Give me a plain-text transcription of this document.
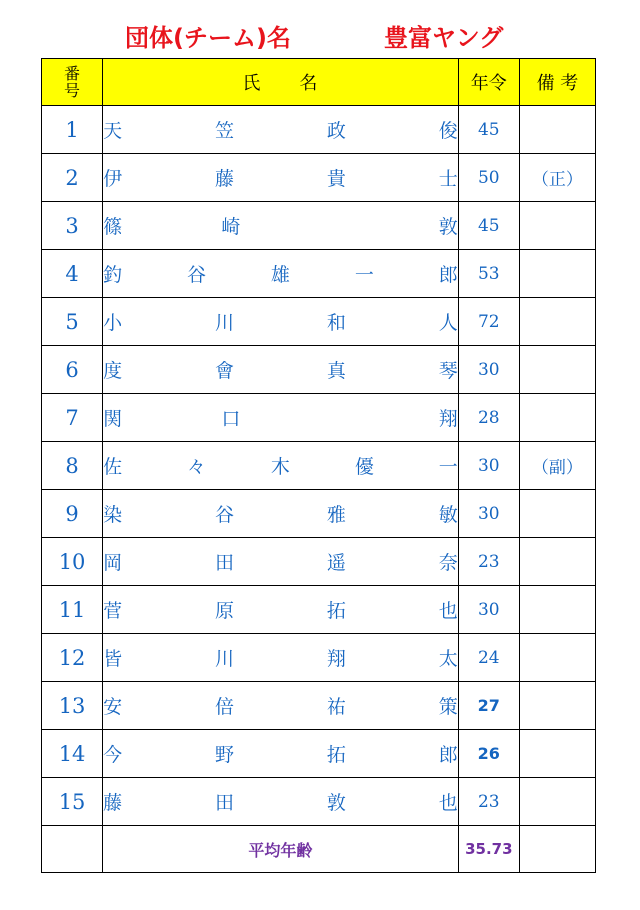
団体(チーム)名	豊富ヤング
番
号	氏　　名	年令	備 考
1	天 笠 政 俊	45	
2	伊 藤 貴 士	50	（正）
3	篠 崎 敦	45	
4	釣 谷 雄 一 郎	53	
5	小 川 和 人	72	
6	度 會 真 琴	30	
7	関 口 翔	28	
8	佐 々 木 優 一	30	（副）
9	染 谷 雅 敏	30	
10	岡 田 遥 奈	23	
11	菅 原 拓 也	30	
12	皆 川 翔 太	24	
13	安 倍 祐 策	27	
14	今 野 拓 郎	26	
15	藤 田 敦 也	23	
	平均年齢	35.73	
